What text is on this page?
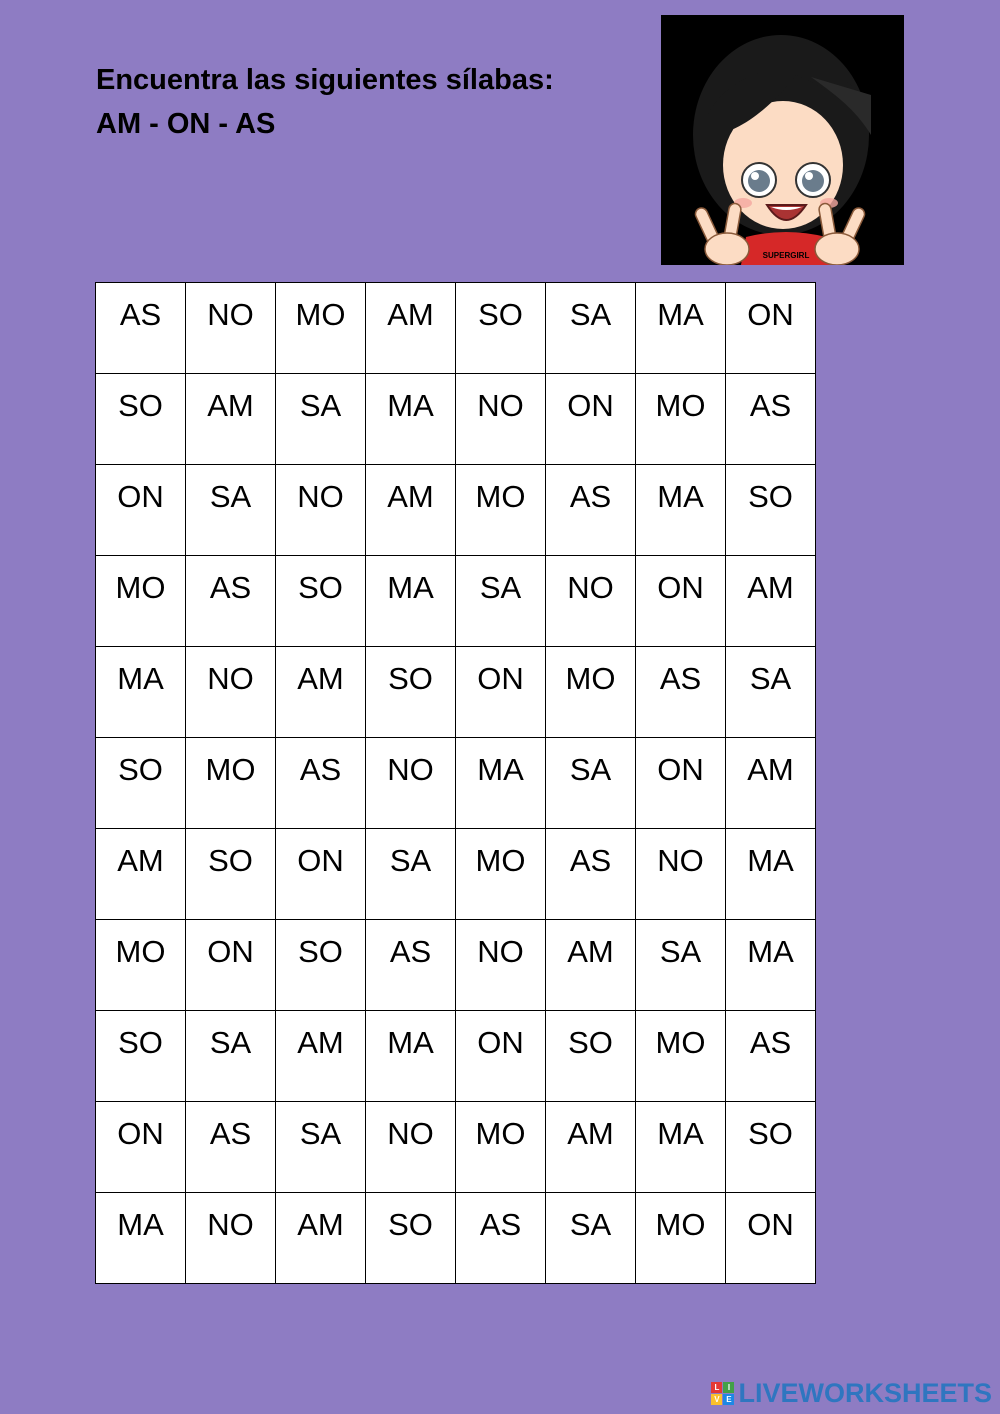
Encuentra las siguientes sílabas:
AM - ON - AS
SUPERGIRL
AS	NO	MO	AM	SO	SA	MA	ON

SO	AM	SA	MA	NO	ON	MO	AS

ON	SA	NO	AM	MO	AS	MA	SO

MO	AS	SO	MA	SA	NO	ON	AM

MA	NO	AM	SO	ON	MO	AS	SA

SO	MO	AS	NO	MA	SA	ON	AM

AM	SO	ON	SA	MO	AS	NO	MA

MO	ON	SO	AS	NO	AM	SA	MA

SO	SA	AM	MA	ON	SO	MO	AS

ON	AS	SA	NO	MO	AM	MA	SO

MA	NO	AM	SO	AS	SA	MO	ON
L	I
V E LIVEWORKSHEETS
